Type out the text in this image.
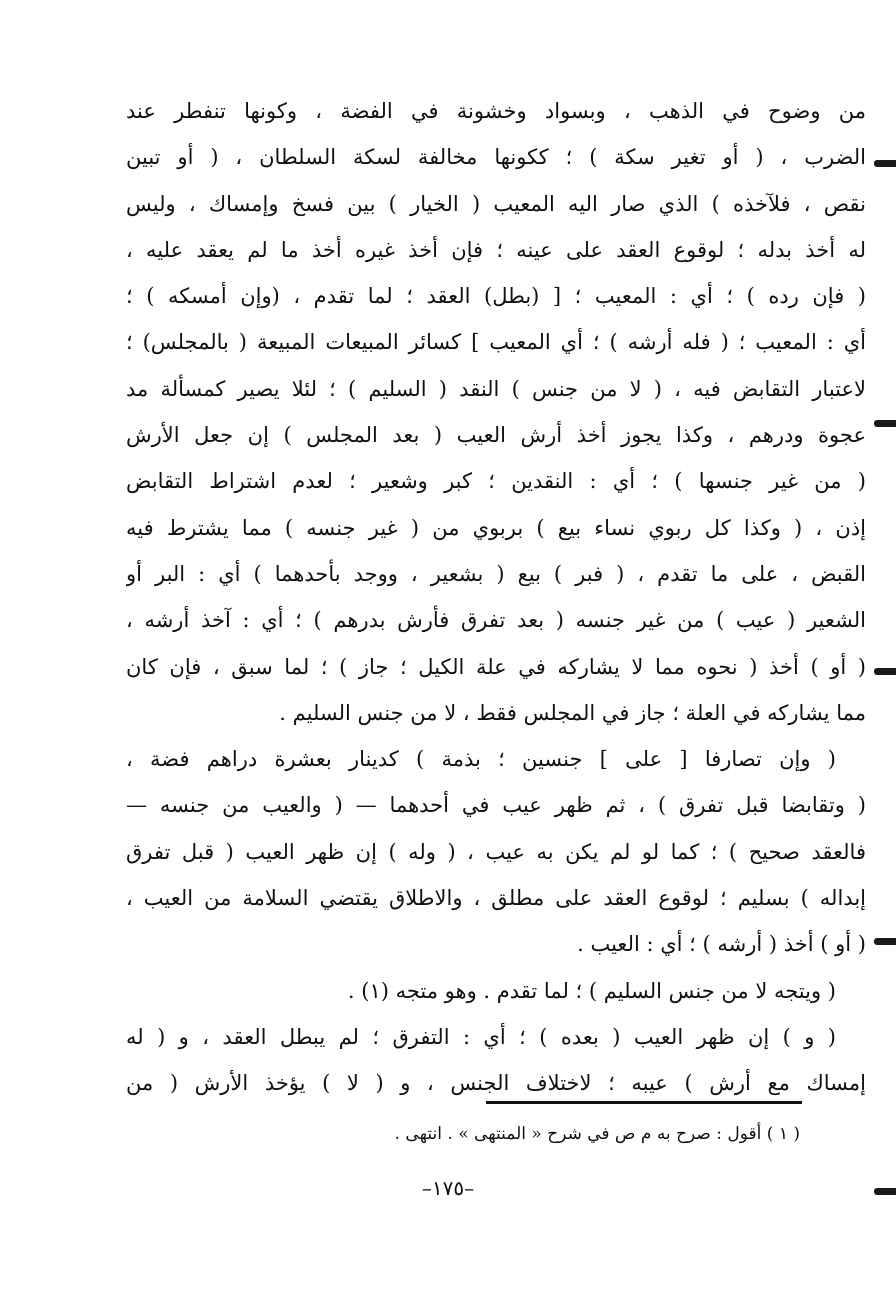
من وضوح في الذهب ، وبسواد وخشونة في الفضة ، وكونها تنفطر عند
الضرب ، ( أو تغير سكة ) ؛ ككونها مخالفة لسكة السلطان ، ( أو تبين
نقص ، فلآخذه ) الذي صار اليه المعيب ( الخيار ) بين فسخ وإمساك ، وليس
له أخذ بدله ؛ لوقوع العقد على عينه ؛ فإن أخذ غيره أخذ ما لم يعقد عليه ،
( فإن رده ) ؛ أي : المعيب ؛ [ (بطل) العقد ؛ لما تقدم ، (وإن أمسكه ) ؛
أي : المعيب ؛ ( فله أرشه ) ؛ أي المعيب ] كسائر المبيعات المبيعة ( بالمجلس) ؛
لاعتبار التقابض فيه ، ( لا من جنس ) النقد ( السليم ) ؛ لئلا يصير كمسألة مد
عجوة ودرهم ، وكذا يجوز أخذ أرش العيب ( بعد المجلس ) إن جعل الأرش
( من غير جنسها ) ؛ أي : النقدين ؛ كبر وشعير ؛ لعدم اشتراط التقابض
إذن ، ( وكذا كل ربوي نساء بيع ) بربوي من ( غير جنسه ) مما يشترط فيه
القبض ، على ما تقدم ، ( فبر ) بيع ( بشعير ، ووجد بأحدهما ) أي : البر أو
الشعير ( عيب ) من غير جنسه ( بعد تفرق فأرش بدرهم ) ؛ أي : آخذ أرشه ،
( أو ) أخذ ( نحوه مما لا يشاركه في علة الكيل ؛ جاز ) ؛ لما سبق ، فإن كان
مما يشاركه في العلة ؛ جاز في المجلس فقط ، لا من جنس السليم .
( وإن تصارفا [ على ] جنسين ؛ بذمة ) كدينار بعشرة دراهم فضة ،
( وتقابضا قبل تفرق ) ، ثم ظهر عيب في أحدهما — ( والعيب من جنسه —
فالعقد صحيح ) ؛ كما لو لم يكن به عيب ، ( وله ) إن ظهر العيب ( قبل تفرق
إبداله ) بسليم ؛ لوقوع العقد على مطلق ، والاطلاق يقتضي السلامة من العيب ،
( أو ) أخذ ( أرشه ) ؛ أي : العيب .
( ويتجه لا من جنس السليم ) ؛ لما تقدم . وهو متجه (١) .
( و ) إن ظهر العيب ( بعده ) ؛ أي : التفرق ؛ لم يبطل العقد ، و ( له
إمساك مع أرش ) عيبه ؛ لاختلاف الجنس ، و ( لا ) يؤخذ الأرش ( من
( ١ ) أقول : صرح به م ص في شرح « المنتهى » . انتهى .
–١٧٥–
